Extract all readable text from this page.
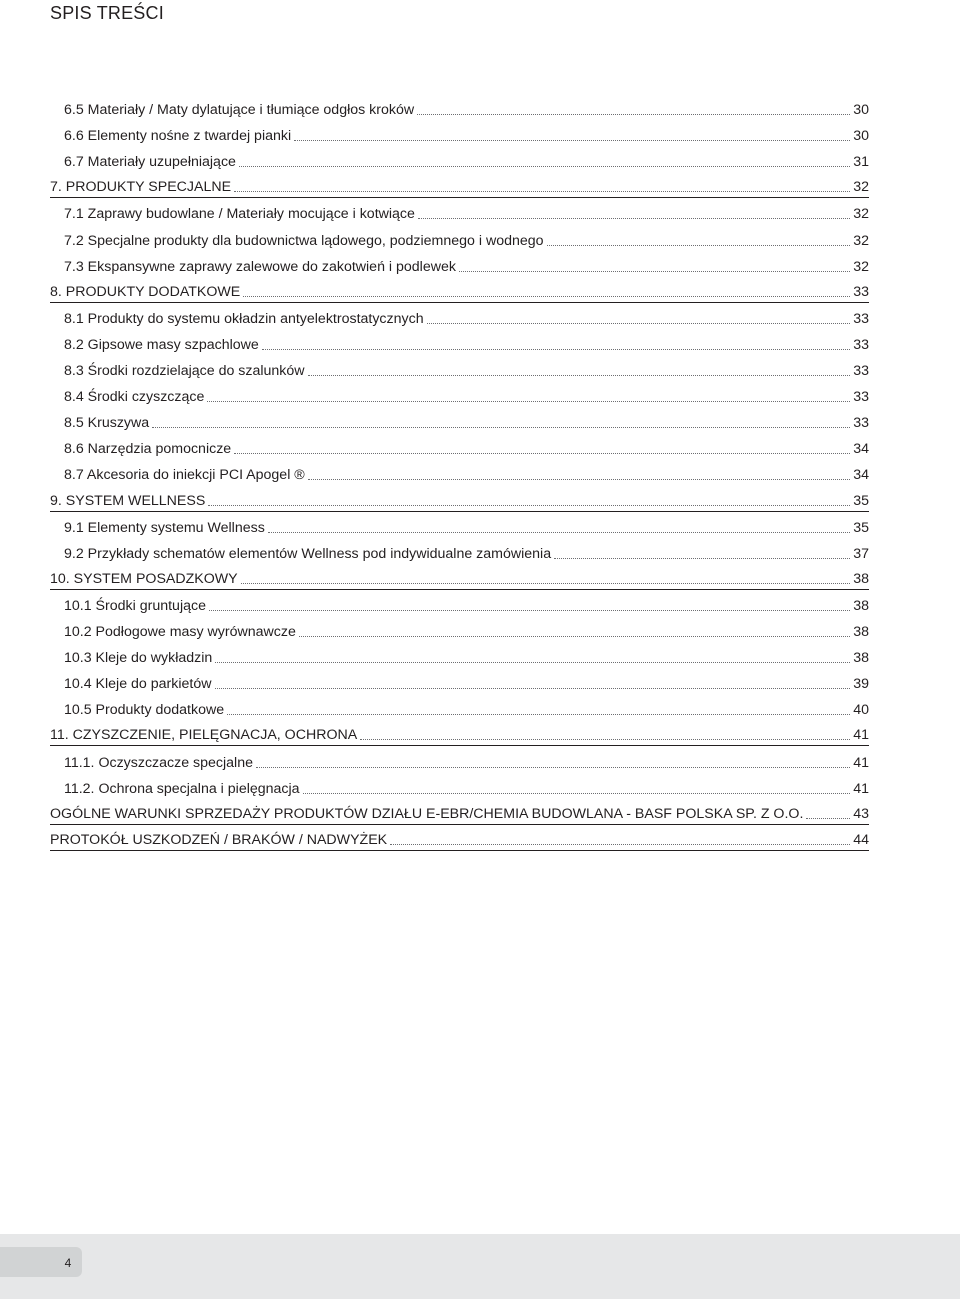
SPIS TREŚCI
6.5 Materiały / Maty dylatujące i tłumiące odgłos kroków	30
6.6 Elementy nośne z twardej pianki	30
6.7 Materiały uzupełniające	31
7. PRODUKTY SPECJALNE	32
7.1 Zaprawy budowlane / Materiały mocujące i kotwiące	32
7.2 Specjalne produkty dla budownictwa lądowego, podziemnego i wodnego	32
7.3 Ekspansywne zaprawy zalewowe do zakotwień i podlewek	32
8. PRODUKTY DODATKOWE	33
8.1 Produkty do systemu okładzin antyelektrostatycznych	33
8.2 Gipsowe masy szpachlowe	33
8.3 Środki rozdzielające do szalunków	33
8.4 Środki czyszczące	33
8.5 Kruszywa	33
8.6 Narzędzia pomocnicze	34
8.7 Akcesoria do iniekcji PCI Apogel ®	34
9. SYSTEM WELLNESS	35
9.1 Elementy systemu Wellness	35
9.2 Przykłady schematów elementów Wellness pod indywidualne zamówienia	37
10. SYSTEM POSADZKOWY	38
10.1 Środki gruntujące	38
10.2 Podłogowe masy wyrównawcze	38
10.3 Kleje do wykładzin	38
10.4 Kleje do parkietów	39
10.5 Produkty dodatkowe	40
11. CZYSZCZENIE, PIELĘGNACJA, OCHRONA	41
11.1. Oczyszczacze specjalne	41
11.2. Ochrona specjalna i pielęgnacja	41
OGÓLNE WARUNKI SPRZEDAŻY PRODUKTÓW DZIAŁU E-EBR/CHEMIA BUDOWLANA - BASF POLSKA SP. Z O.O.	43
PROTOKÓŁ USZKODZEŃ / BRAKÓW / NADWYŻEK	44
4
